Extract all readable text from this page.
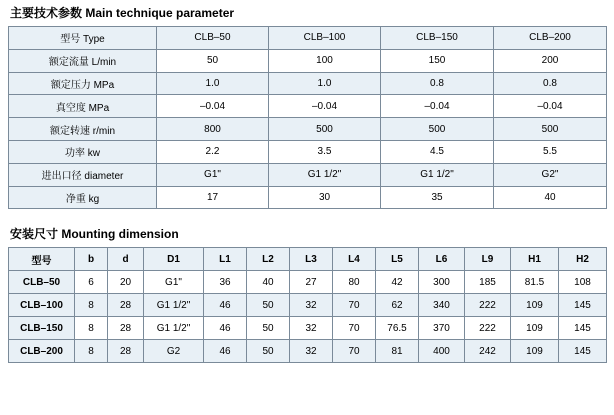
主要技术参数 Main technique parameter
型号 Type	CLB–50	CLB–100	CLB–150	CLB–200
额定流量 L/min	50	100	150	200
额定压力 MPa	1.0	1.0	0.8	0.8
真空度 MPa	–0.04	–0.04	–0.04	–0.04
额定转速 r/min	800	500	500	500
功率 kw	2.2	3.5	4.5	5.5
进出口径 diameter	G1"	G1 1/2"	G1 1/2"	G2"
净重 kg	17	30	35	40
安装尺寸 Mounting dimension
型号	b	d	D1	L1	L2	L3	L4	L5	L6	L9	H1	H2
CLB–50	6	20	G1"	36	40	27	80	42	300	185	81.5	108
CLB–100	8	28	G1 1/2"	46	50	32	70	62	340	222	109	145
CLB–150	8	28	G1 1/2"	46	50	32	70	76.5	370	222	109	145
CLB–200	8	28	G2	46	50	32	70	81	400	242	109	145
